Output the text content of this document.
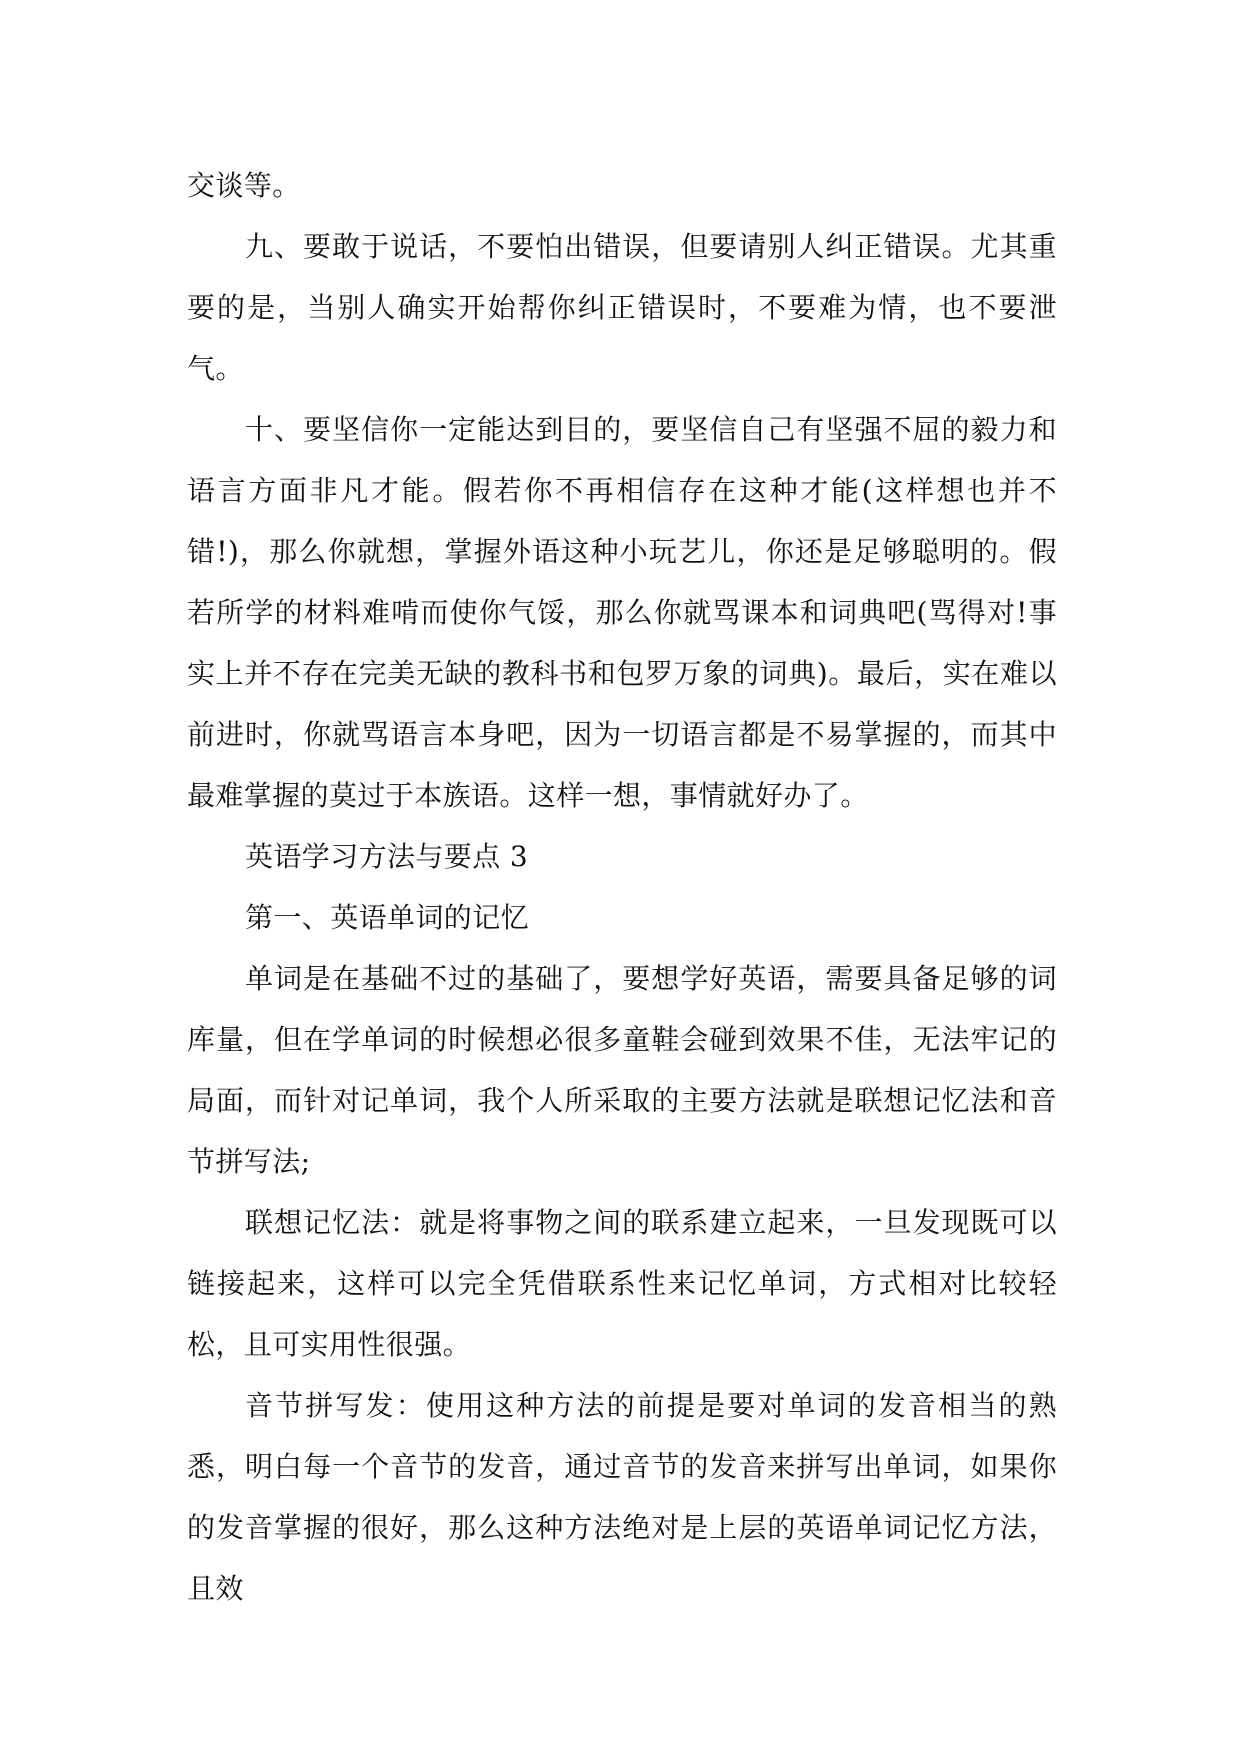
交谈等。

九、要敢于说话，不要怕出错误，但要请别人纠正错误。尤其重要的是，当别人确实开始帮你纠正错误时，不要难为情，也不要泄气。

十、要坚信你一定能达到目的，要坚信自己有坚强不屈的毅力和语言方面非凡才能。假若你不再相信存在这种才能(这样想也并不错!)，那么你就想，掌握外语这种小玩艺儿，你还是足够聪明的。假若所学的材料难啃而使你气馁，那么你就骂课本和词典吧(骂得对!事实上并不存在完美无缺的教科书和包罗万象的词典)。最后，实在难以前进时，你就骂语言本身吧，因为一切语言都是不易掌握的，而其中最难掌握的莫过于本族语。这样一想，事情就好办了。

英语学习方法与要点 3

第一、英语单词的记忆

单词是在基础不过的基础了，要想学好英语，需要具备足够的词库量，但在学单词的时候想必很多童鞋会碰到效果不佳，无法牢记的局面，而针对记单词，我个人所采取的主要方法就是联想记忆法和音节拼写法;

联想记忆法：就是将事物之间的联系建立起来，一旦发现既可以链接起来，这样可以完全凭借联系性来记忆单词，方式相对比较轻松，且可实用性很强。

音节拼写发：使用这种方法的前提是要对单词的发音相当的熟悉，明白每一个音节的发音，通过音节的发音来拼写出单词，如果你的发音掌握的很好，那么这种方法绝对是上层的英语单词记忆方法，且效
